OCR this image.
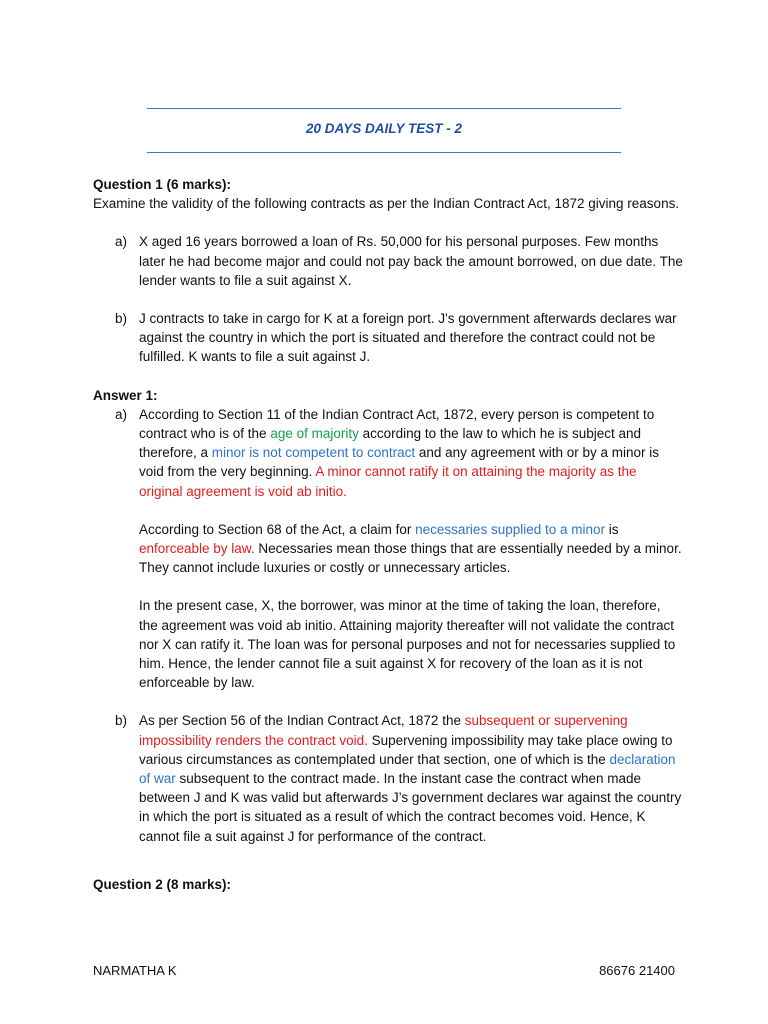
20 DAYS DAILY TEST - 2

Question 1 (6 marks):

Examine the validity of the following contracts as per the Indian Contract Act, 1872 giving reasons.

a) X aged 16 years borrowed a loan of Rs. 50,000 for his personal purposes. Few months later he had become major and could not pay back the amount borrowed, on due date. The lender wants to file a suit against X.

b) J contracts to take in cargo for K at a foreign port. J's government afterwards declares war against the country in which the port is situated and therefore the contract could not be fulfilled. K wants to file a suit against J.

Answer 1:

a) According to Section 11 of the Indian Contract Act, 1872, every person is competent to contract who is of the age of majority according to the law to which he is subject and therefore, a minor is not competent to contract and any agreement with or by a minor is void from the very beginning. A minor cannot ratify it on attaining the majority as the original agreement is void ab initio.

According to Section 68 of the Act, a claim for necessaries supplied to a minor is enforceable by law. Necessaries mean those things that are essentially needed by a minor. They cannot include luxuries or costly or unnecessary articles.

In the present case, X, the borrower, was minor at the time of taking the loan, therefore, the agreement was void ab initio. Attaining majority thereafter will not validate the contract nor X can ratify it. The loan was for personal purposes and not for necessaries supplied to him. Hence, the lender cannot file a suit against X for recovery of the loan as it is not enforceable by law.

b) As per Section 56 of the Indian Contract Act, 1872 the subsequent or supervening impossibility renders the contract void. Supervening impossibility may take place owing to various circumstances as contemplated under that section, one of which is the declaration of war subsequent to the contract made. In the instant case the contract when made between J and K was valid but afterwards J’s government declares war against the country in which the port is situated as a result of which the contract becomes void. Hence, K cannot file a suit against J for performance of the contract.

Question 2 (8 marks):

NARMATHA K	86676 21400
